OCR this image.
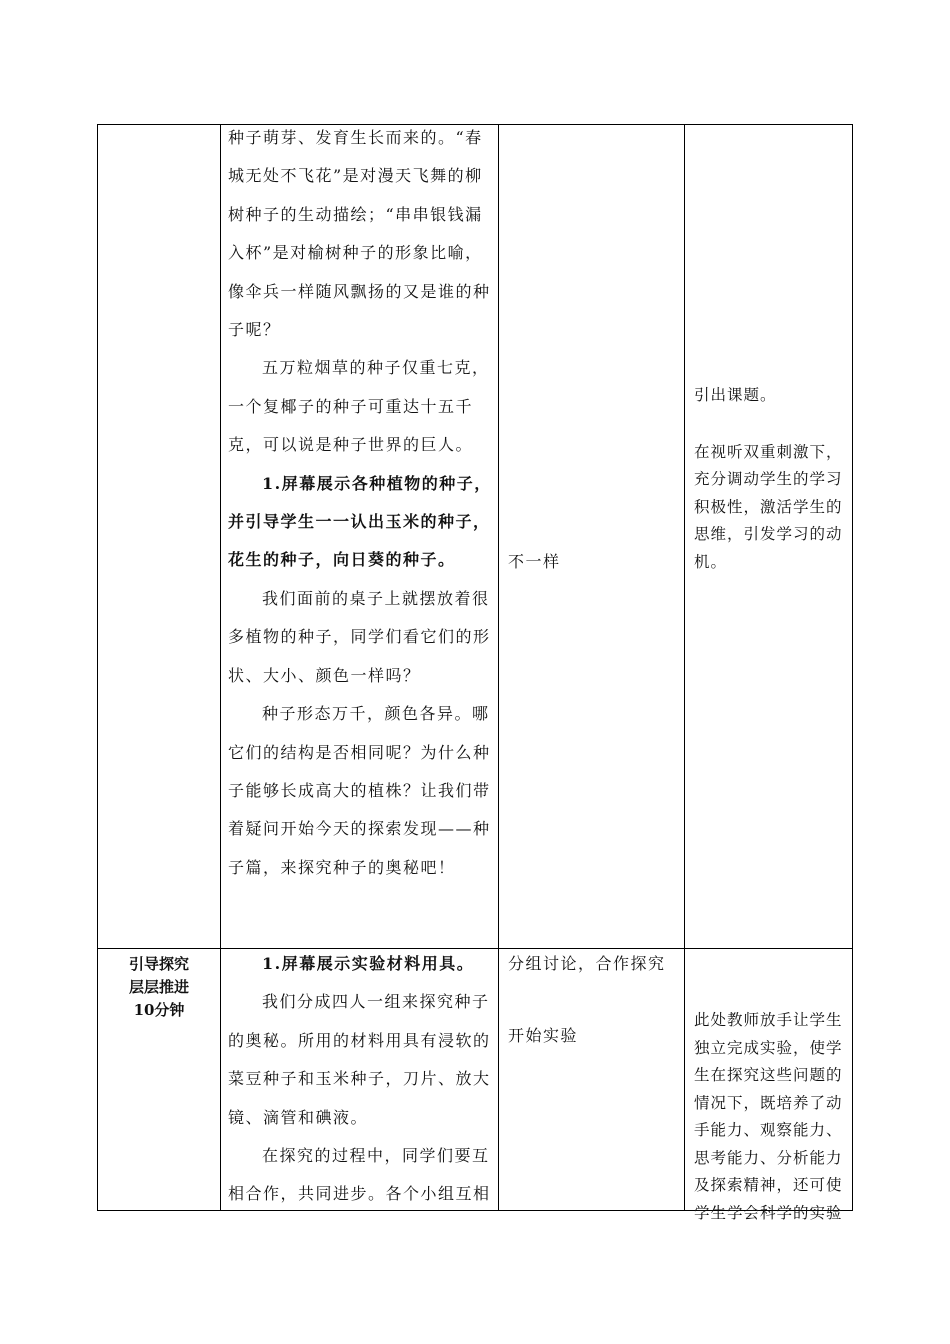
种子萌芽、发育生长而来的。“春城无处不飞花”是对漫天飞舞的柳树种子的生动描绘；“串串银钱漏入杯”是对榆树种子的形象比喻，像伞兵一样随风飘扬的又是谁的种子呢？

五万粒烟草的种子仅重七克，一个复椰子的种子可重达十五千克，可以说是种子世界的巨人。

1.屏幕展示各种植物的种子，并引导学生一一认出玉米的种子，花生的种子，向日葵的种子。

我们面前的桌子上就摆放着很多植物的种子，同学们看它们的形状、大小、颜色一样吗？

种子形态万千，颜色各异。哪它们的结构是否相同呢？为什么种子能够长成高大的植株？让我们带着疑问开始今天的探索发现——种子篇，来探究种子的奥秘吧！

不一样

引出课题。

在视听双重刺激下，充分调动学生的学习积极性，激活学生的思维，引发学习的动机。

引导探究
层层推进
10分钟

1.屏幕展示实验材料用具。

我们分成四人一组来探究种子的奥秘。所用的材料用具有浸软的菜豆种子和玉米种子，刀片、放大镜、滴管和碘液。

在探究的过程中，同学们要互相合作，共同进步。各个小组互相

分组讨论，合作探究

开始实验

此处教师放手让学生独立完成实验，使学生在探究这些问题的情况下，既培养了动手能力、观察能力、思考能力、分析能力及探索精神，还可使学生学会科学的实验
